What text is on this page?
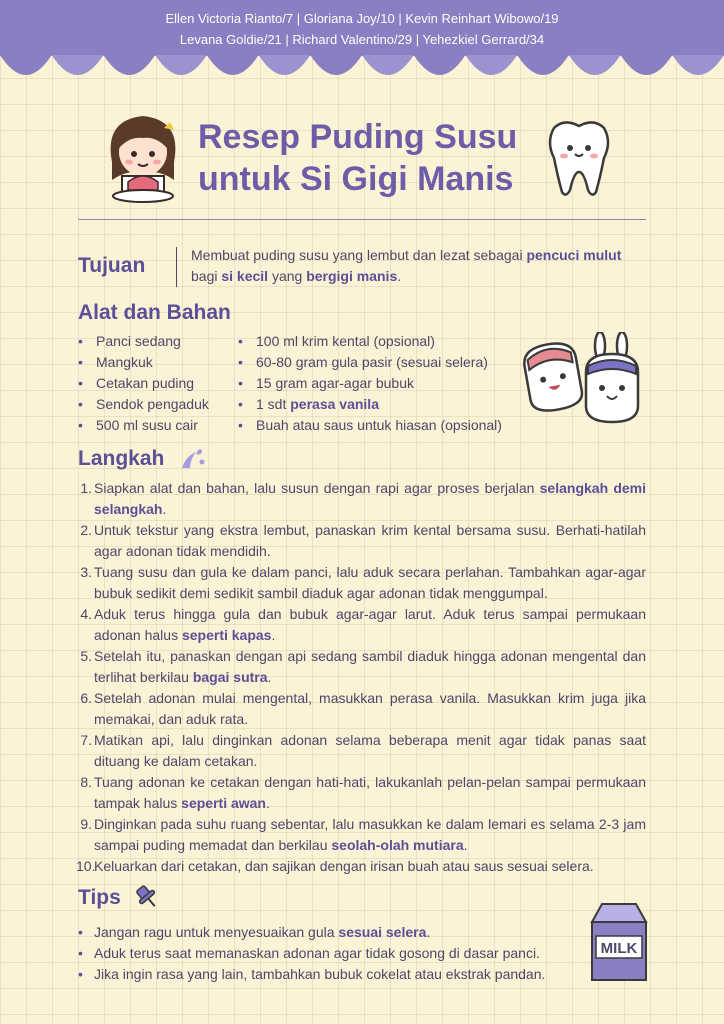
Ellen Victoria Rianto/7 | Gloriana Joy/10 | Kevin Reinhart Wibowo/19
Levana Goldie/21 | Richard Valentino/29 | Yehezkiel Gerrard/34
Resep Puding Susu
untuk Si Gigi Manis
Tujuan	Membuat puding susu yang lembut dan lezat sebagai pencuci mulut bagi si kecil yang bergigi manis.
Alat dan Bahan
• Panci sedang
• Mangkuk
• Cetakan puding
• Sendok pengaduk
• 500 ml susu cair
• 100 ml krim kental (opsional)
• 60-80 gram gula pasir (sesuai selera)
• 15 gram agar-agar bubuk
• 1 sdt perasa vanila
• Buah atau saus untuk hiasan (opsional)
Langkah
1. Siapkan alat dan bahan, lalu susun dengan rapi agar proses berjalan selangkah demi selangkah.
2. Untuk tekstur yang ekstra lembut, panaskan krim kental bersama susu. Berhati-hatilah agar adonan tidak mendidih.
3. Tuang susu dan gula ke dalam panci, lalu aduk secara perlahan. Tambahkan agar-agar bubuk sedikit demi sedikit sambil diaduk agar adonan tidak menggumpal.
4. Aduk terus hingga gula dan bubuk agar-agar larut. Aduk terus sampai permukaan adonan halus seperti kapas.
5. Setelah itu, panaskan dengan api sedang sambil diaduk hingga adonan mengental dan terlihat berkilau bagai sutra.
6. Setelah adonan mulai mengental, masukkan perasa vanila. Masukkan krim juga jika memakai, dan aduk rata.
7. Matikan api, lalu dinginkan adonan selama beberapa menit agar tidak panas saat dituang ke dalam cetakan.
8. Tuang adonan ke cetakan dengan hati-hati, lakukanlah pelan-pelan sampai permukaan tampak halus seperti awan.
9. Dinginkan pada suhu ruang sebentar, lalu masukkan ke dalam lemari es selama 2-3 jam sampai puding memadat dan berkilau seolah-olah mutiara.
10.
Keluarkan dari cetakan, dan sajikan dengan irisan buah atau saus sesuai selera.
Tips
• Jangan ragu untuk menyesuaikan gula sesuai selera.
• Aduk terus saat memanaskan adonan agar tidak gosong di dasar panci.
• Jika ingin rasa yang lain, tambahkan bubuk cokelat atau ekstrak pandan.
MILK
